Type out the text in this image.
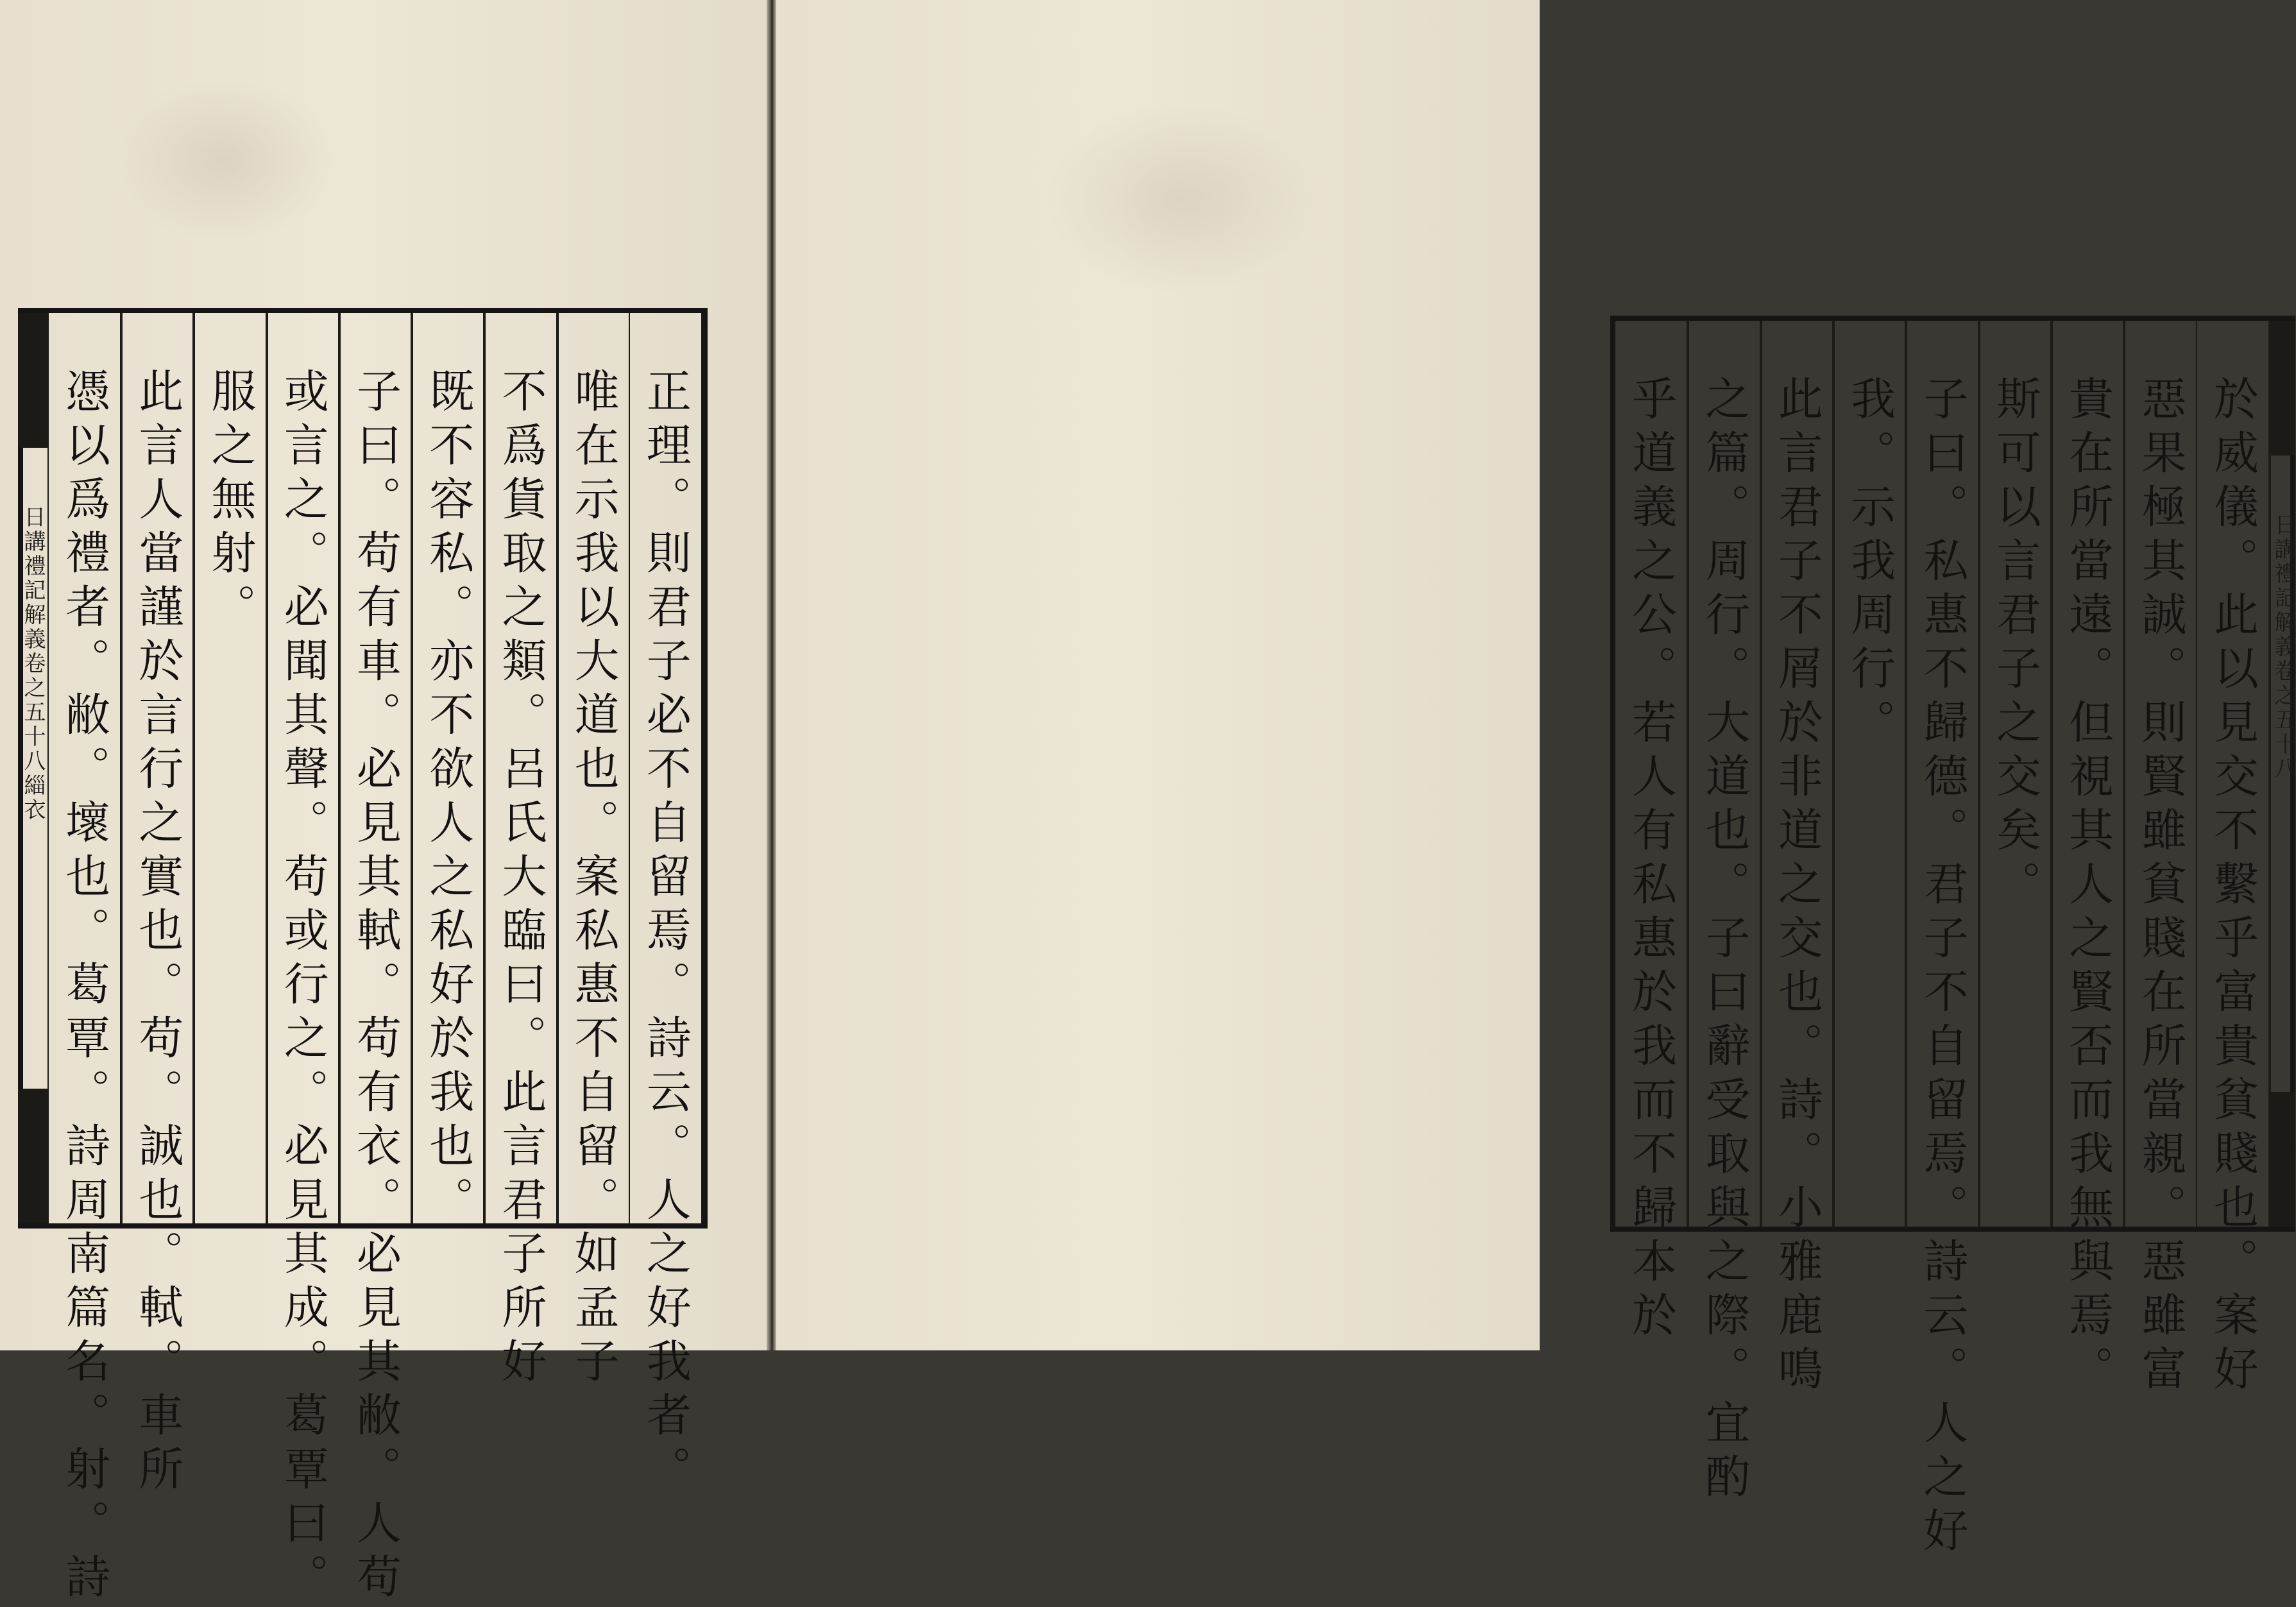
日講禮記解義卷之五十八緇衣	正理。則君子必不自留焉。詩云。人之好我者。
唯在示我以大道也。案私惠不自留。如孟子
不爲貨取之類。呂氏大臨曰。此言君子所好
既不容私。亦不欲人之私好於我也。
子曰。苟有車。必見其軾。苟有衣。必見其敝。人苟
或言之。必聞其聲。苟或行之。必見其成。葛覃曰。
服之無射。
此言人當謹於言行之實也。苟。誠也。軾。車所
憑以爲禮者。敝。壞也。葛覃。詩周南篇名。射。詩	日講禮記解義卷之五十八
於威儀。此以見交不繫乎富貴貧賤也。案好
惡果極其誠。則賢雖貧賤在所當親。惡雖富
貴在所當遠。但視其人之賢否而我無與焉。
斯可以言君子之交矣。
子曰。私惠不歸德。君子不自留焉。詩云。人之好
我。示我周行。
此言君子不屑於非道之交也。詩。小雅鹿鳴
之篇。周行。大道也。子曰辭受取與之際。宜酌
乎道義之公。若人有私惠於我而不歸本於
